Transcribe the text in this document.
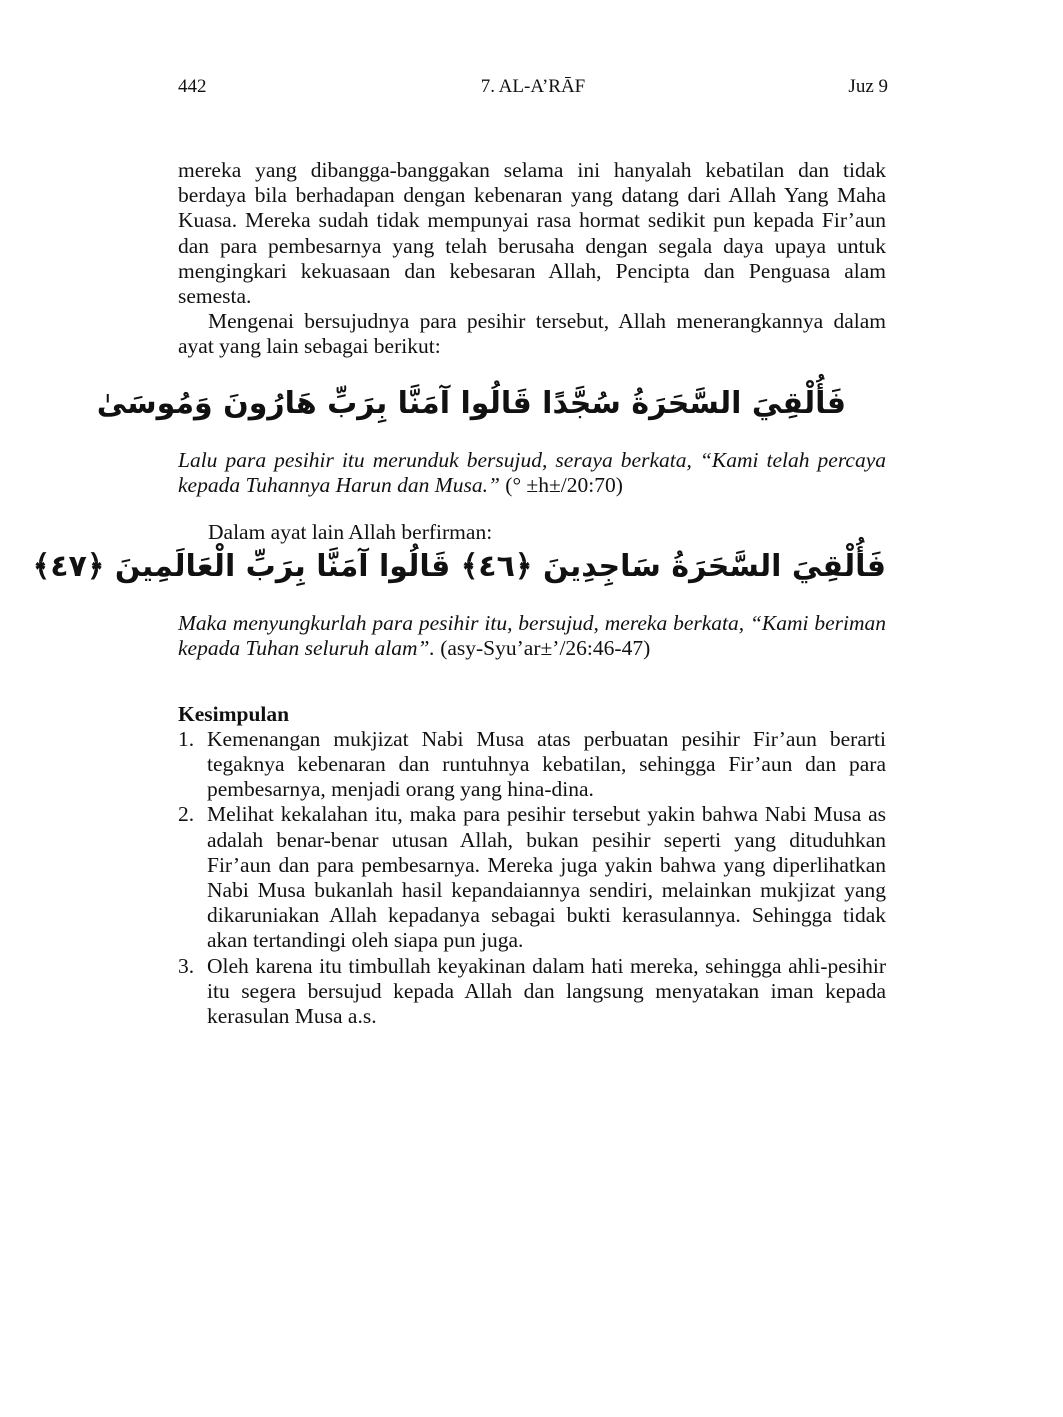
442	7. AL-A’RĀF	Juz 9

mereka yang dibangga-banggakan selama ini hanyalah kebatilan dan tidak berdaya bila berhadapan dengan kebenaran yang datang dari Allah Yang Maha Kuasa. Mereka sudah tidak mempunyai rasa hormat sedikit pun kepada Fir’aun dan para pembesarnya yang telah berusaha dengan segala daya upaya untuk mengingkari kekuasaan dan kebesaran Allah, Pencipta dan Penguasa alam semesta.

Mengenai bersujudnya para pesihir tersebut, Allah menerangkannya dalam ayat yang lain sebagai berikut:

فَأُلْقِيَ السَّحَرَةُ سُجَّدًا قَالُوا آمَنَّا بِرَبِّ هَارُونَ وَمُوسَىٰ

Lalu para pesihir itu merunduk bersujud, seraya berkata, “Kami telah percaya kepada Tuhannya Harun dan Musa.” (° ±h±/20:70)

Dalam ayat lain Allah berfirman:

فَأُلْقِيَ السَّحَرَةُ سَاجِدِينَ ﴿٤٦﴾ قَالُوا آمَنَّا بِرَبِّ الْعَالَمِينَ ﴿٤٧﴾

Maka menyungkurlah para pesihir itu, bersujud, mereka berkata, “Kami beriman kepada Tuhan seluruh alam”. (asy-Syu’ar±’/26:46-47)

Kesimpulan
1. Kemenangan mukjizat Nabi Musa atas perbuatan pesihir Fir’aun berarti tegaknya kebenaran dan runtuhnya kebatilan, sehingga Fir’aun dan para pembesarnya, menjadi orang yang hina-dina.
2. Melihat kekalahan itu, maka para pesihir tersebut yakin bahwa Nabi Musa as adalah benar-benar utusan Allah, bukan pesihir seperti yang dituduhkan Fir’aun dan para pembesarnya. Mereka juga yakin bahwa yang diperlihatkan Nabi Musa bukanlah hasil kepandaiannya sendiri, melainkan mukjizat yang dikaruniakan Allah kepadanya sebagai bukti kerasulannya. Sehingga tidak akan tertandingi oleh siapa pun juga.
3. Oleh karena itu timbullah keyakinan dalam hati mereka, sehingga ahli-pesihir itu segera bersujud kepada Allah dan langsung menyatakan iman kepada kerasulan Musa a.s.
